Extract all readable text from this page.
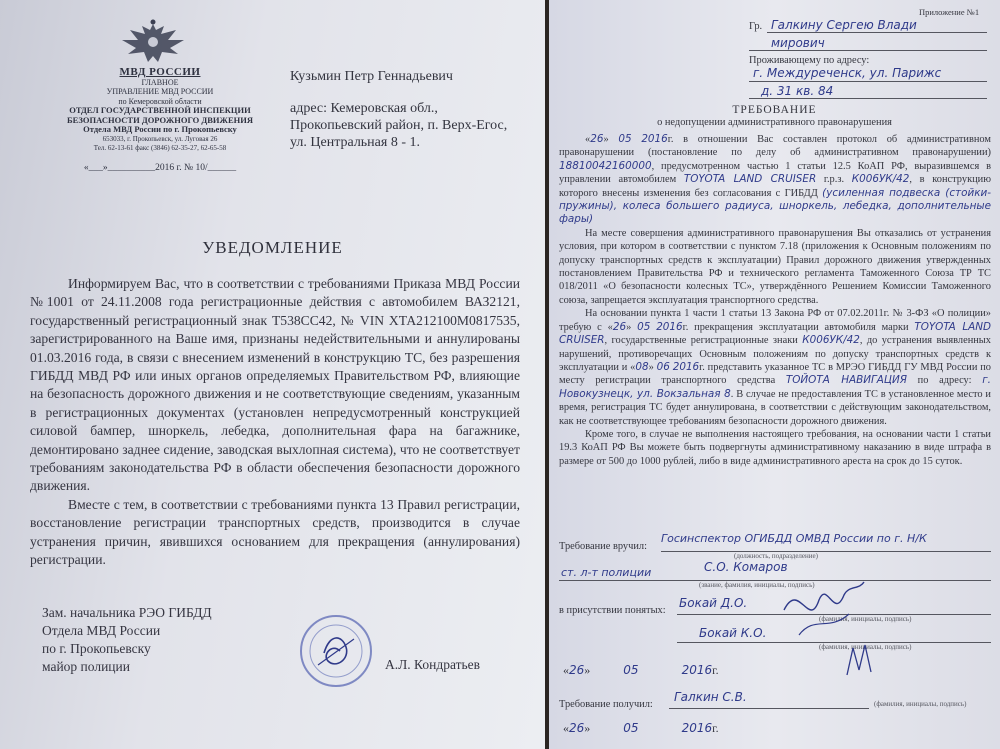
МВД РОССИИ
ГЛАВНОЕ
УПРАВЛЕНИЕ МВД РОССИИ
по Кемеровской области
ОТДЕЛ ГОСУДАРСТВЕННОЙ ИНСПЕКЦИИ
БЕЗОПАСНОСТИ ДОРОЖНОГО ДВИЖЕНИЯ
Отдела МВД России по г. Прокопьевску
653033, г. Прокопьевск, ул. Луговая 26
Тел. 62-13-61 факс (3846) 62-35-27, 62-65-58
«___»__________2016 г. № 10/______
Кузьмин Петр Геннадьевич
адрес: Кемеровская обл.,
Прокопьевский район, п. Верх-Егос,
ул. Центральная 8 - 1.
УВЕДОМЛЕНИЕ

Информируем Вас, что в соответствии с требованиями Приказа МВД России №1001 от 24.11.2008 года регистрационные действия с автомобилем ВАЗ2121, государственный регистрационный знак Т538СС42, № VIN ХТА212100М0817535, зарегистрированного на Ваше имя, признаны недействительными и аннулированы 01.03.2016 года, в связи с внесением изменений в конструкцию ТС, без разрешения ГИБДД МВД РФ или иных органов определяемых Правительством РФ, влияющие на безопасность дорожного движения и не соответствующие сведениям, указанным в регистрационных документах (установлен непредусмотренный конструкцией силовой бампер, шноркель, лебедка, дополнительная фара на багажнике, демонтировано заднее сидение, заводская выхлопная система), что не соответствует требованиям законодательства РФ в области обеспечения безопасности дорожного движения.

Вместе с тем, в соответствии с требованиями пункта 13 Правил регистрации, восстановление регистрации транспортных средств, производится в случае устранения причин, явившихся основанием для прекращения (аннулирования) регистрации.

Зам. начальника РЭО ГИБДД
Отдела МВД России
по г. Прокопьевску
майор полиции	А.Л. Кондратьев
Приложение №1
Гр. Галкину Сергею Влади
мирович
Проживающему по адресу:
г. Междуреченск, ул. Парижс
д. 31 кв. 84
ТРЕБОВАНИЕ
о недопущении административного правонарушения

«26» 05 2016г. в отношении Вас составлен протокол об административном правонарушении (постановление по делу об административном правонарушении) 18810042160000, предусмотренном частью 1 статьи 12.5 КоАП РФ, выразившемся в управлении автомобилем TOYOTA LAND CRUISER г.р.з. К006УК/42, в конструкцию которого внесены изменения без согласования с ГИБДД (усиленная подвеска (стойки-пружины), колеса большего радиуса, шноркель, лебедка, дополнительные фары)

На месте совершения административного правонарушения Вы отказались от устранения условия, при котором в соответствии с пунктом 7.18 (приложения к Основным положениям по допуску транспортных средств к эксплуатации) Правил дорожного движения утвержденных постановлением Правительства РФ и технического регламента Таможенного Союза ТР ТС 018/2011 «О безопасности колесных ТС», утверждённого Решением Комиссии Таможенного союза, запрещается эксплуатация транспортного средства.

На основании пункта 1 части 1 статьи 13 Закона РФ от 07.02.2011г. № 3-ФЗ «О полиции» требую с «26» 05 2016г. прекращения эксплуатации автомобиля марки TOYOTA LAND CRUISER, государственные регистрационные знаки К006УК/42, до устранения выявленных нарушений, противоречащих Основным положениям по допуску транспортных средств к эксплуатации и «08» 06 2016г. представить указанное ТС в МРЭО ГИБДД ГУ МВД России по месту регистрации транспортного средства ТОЙОТА НАВИГАЦИЯ по адресу: г. Новокузнецк, ул. Вокзальная 8. В случае не предоставления ТС в установленное место и время, регистрация ТС будет аннулирована, в соответствии с действующим законодательством, как не соответствующее требованиям безопасности дорожного движения.

Кроме того, в случае не выполнения настоящего требования, на основании части 1 статьи 19.3 КоАП РФ Вы можете быть подвергнуты административному наказанию в виде штрафа в размере от 500 до 1000 рублей, либо в виде административного ареста на срок до 15 суток.

Требование вручил:
Госинспектор ОГИБДД ОМВД России по г. Н/К
(должность, подразделение)
ст. л-т полиции	С.О. Комаров
(звание, фамилия, инициалы, подпись)
в присутствии понятых:
Бокай Д.О.
(фамилия, инициалы, подпись)
Бокай К.О.
(фамилия, инициалы, подпись)
«26»	05	2016г.
Требование получил:
Галкин С.В.	(фамилия, инициалы, подпись)
«26»	05	2016г.
